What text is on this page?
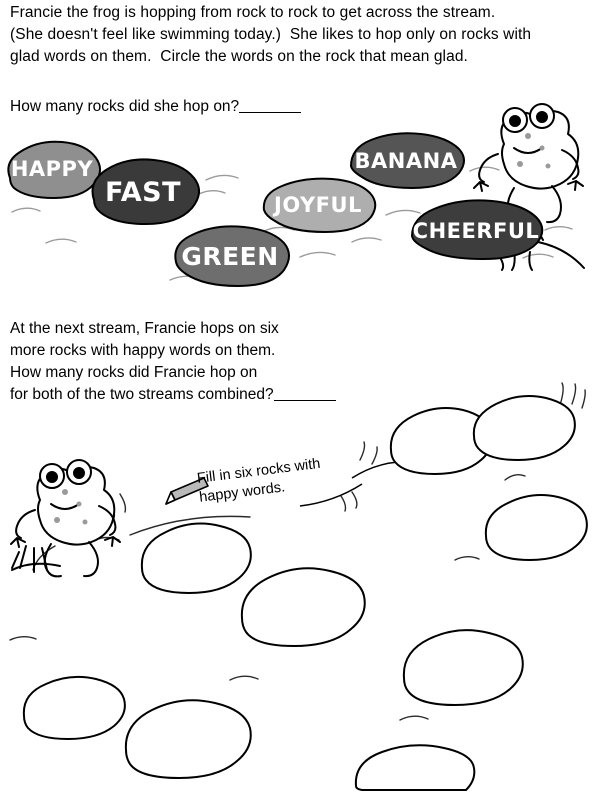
Francie the frog is hopping from rock to rock to get across the stream.
(She doesn't feel like swimming today.)  She likes to hop only on rocks with
glad words on them.  Circle the words on the rock that mean glad.
How many rocks did she hop on?
HAPPY
FAST
GREEN
JOYFUL
BANANA
CHEERFUL
At the next stream, Francie hops on six
more rocks with happy words on them.
How many rocks did Francie hop on
for both of the two streams combined?
Fill in six rocks with
happy words.
